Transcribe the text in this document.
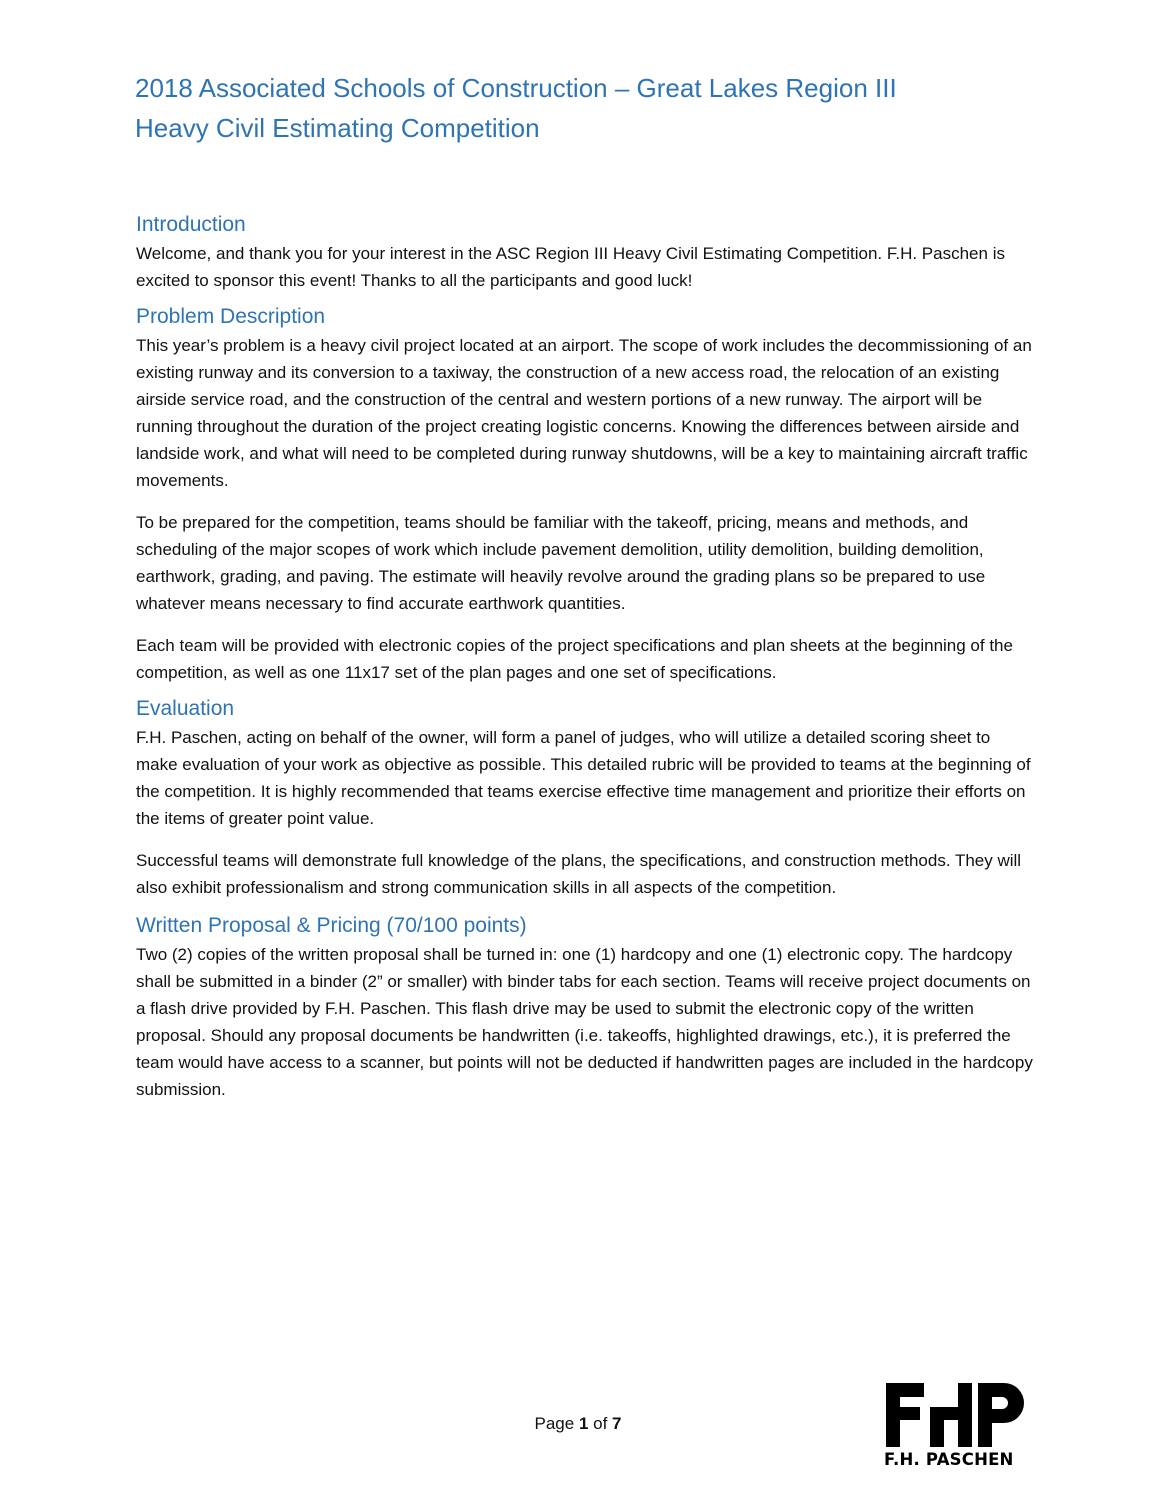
2018 Associated Schools of Construction – Great Lakes Region III
Heavy Civil Estimating Competition
Introduction

Welcome, and thank you for your interest in the ASC Region III Heavy Civil Estimating Competition. F.H. Paschen is excited to sponsor this event! Thanks to all the participants and good luck!

Problem Description

This year’s problem is a heavy civil project located at an airport. The scope of work includes the decommissioning of an existing runway and its conversion to a taxiway, the construction of a new access road, the relocation of an existing airside service road, and the construction of the central and western portions of a new runway. The airport will be running throughout the duration of the project creating logistic concerns. Knowing the differences between airside and landside work, and what will need to be completed during runway shutdowns, will be a key to maintaining aircraft traffic movements.

To be prepared for the competition, teams should be familiar with the takeoff, pricing, means and methods, and scheduling of the major scopes of work which include pavement demolition, utility demolition, building demolition, earthwork, grading, and paving. The estimate will heavily revolve around the grading plans so be prepared to use whatever means necessary to find accurate earthwork quantities.

Each team will be provided with electronic copies of the project specifications and plan sheets at the beginning of the competition, as well as one 11x17 set of the plan pages and one set of specifications.

Evaluation

F.H. Paschen, acting on behalf of the owner, will form a panel of judges, who will utilize a detailed scoring sheet to make evaluation of your work as objective as possible. This detailed rubric will be provided to teams at the beginning of the competition. It is highly recommended that teams exercise effective time management and prioritize their efforts on the items of greater point value.

Successful teams will demonstrate full knowledge of the plans, the specifications, and construction methods. They will also exhibit professionalism and strong communication skills in all aspects of the competition.

Written Proposal & Pricing (70/100 points)

Two (2) copies of the written proposal shall be turned in: one (1) hardcopy and one (1) electronic copy. The hardcopy shall be submitted in a binder (2” or smaller) with binder tabs for each section. Teams will receive project documents on a flash drive provided by F.H. Paschen. This flash drive may be used to submit the electronic copy of the written proposal. Should any proposal documents be handwritten (i.e. takeoffs, highlighted drawings, etc.), it is preferred the team would have access to a scanner, but points will not be deducted if handwritten pages are included in the hardcopy submission.

Page 1 of 7
F.H. PASCHEN
